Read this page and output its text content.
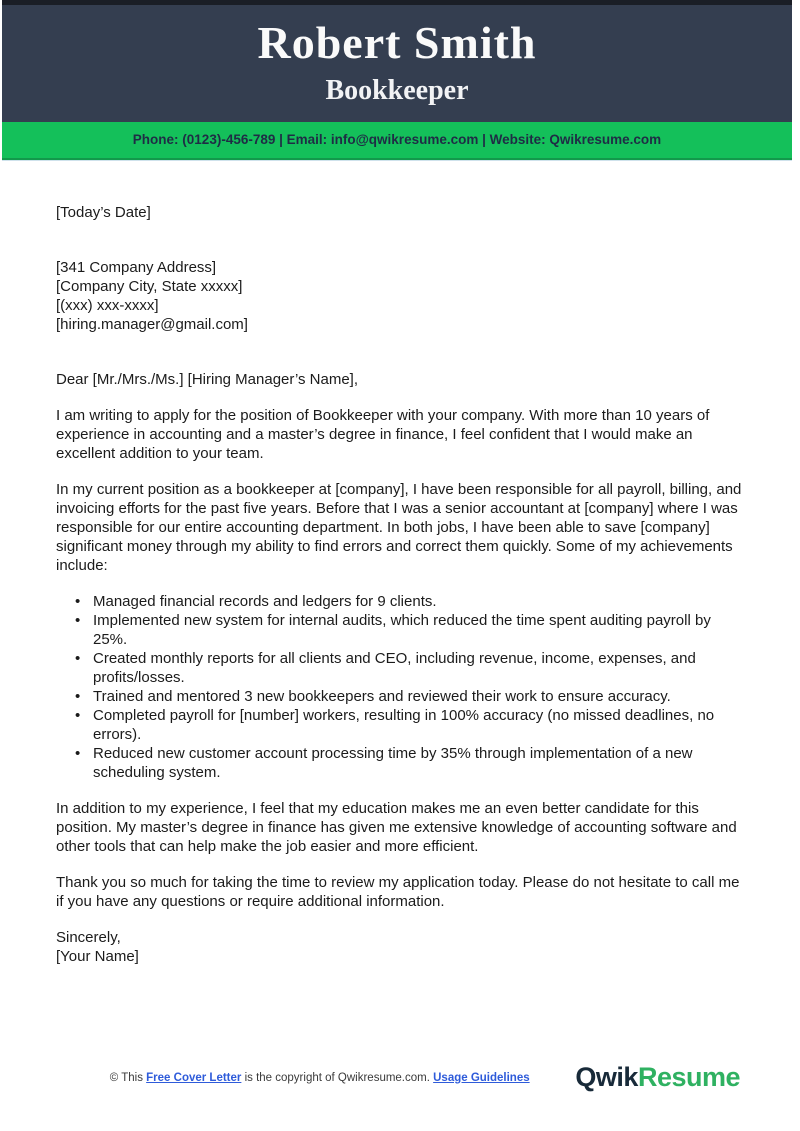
Robert Smith
Bookkeeper
Phone: (0123)-456-789 | Email: info@qwikresume.com | Website: Qwikresume.com

[Today’s Date]

[341 Company Address]

[Company City, State xxxxx]

[(xxx) xxx-xxxx]

[hiring.manager@gmail.com]

Dear [Mr./Mrs./Ms.] [Hiring Manager’s Name],

I am writing to apply for the position of Bookkeeper with your company. With more than 10 years of experience in accounting and a master’s degree in finance, I feel confident that I would make an excellent addition to your team.

In my current position as a bookkeeper at [company], I have been responsible for all payroll, billing, and invoicing efforts for the past five years. Before that I was a senior accountant at [company] where I was responsible for our entire accounting department. In both jobs, I have been able to save [company] significant money through my ability to find errors and correct them quickly. Some of my achievements include:

• Managed financial records and ledgers for 9 clients.
• Implemented new system for internal audits, which reduced the time spent auditing payroll by 25%.
• Created monthly reports for all clients and CEO, including revenue, income, expenses, and profits/losses.
• Trained and mentored 3 new bookkeepers and reviewed their work to ensure accuracy.
• Completed payroll for [number] workers, resulting in 100% accuracy (no missed deadlines, no errors).
• Reduced new customer account processing time by 35% through implementation of a new scheduling system.

In addition to my experience, I feel that my education makes me an even better candidate for this position. My master’s degree in finance has given me extensive knowledge of accounting software and other tools that can help make the job easier and more efficient.

Thank you so much for taking the time to review my application today. Please do not hesitate to call me if you have any questions or require additional information.

Sincerely,

[Your Name]

© This Free Cover Letter is the copyright of Qwikresume.com. Usage Guidelines	QwikResume
